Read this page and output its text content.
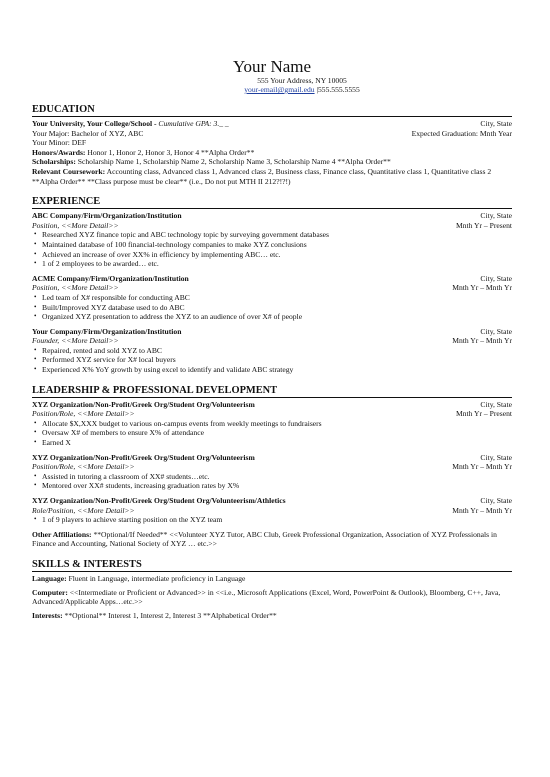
Your Name
555 Your Address, NY 10005
your-email@gmail.edu |555.555.5555
EDUCATION
Your University, Your College/School - Cumulative GPA: 3._ _	City, State
Your Major: Bachelor of XYZ, ABC	Expected Graduation: Mnth Year
Your Minor: DEF

Honors/Awards: Honor 1, Honor 2, Honor 3, Honor 4 **Alpha Order**

Scholarships: Scholarship Name 1, Scholarship Name 2, Scholarship Name 3, Scholarship Name 4 **Alpha Order**

Relevant Coursework: Accounting class, Advanced class 1, Advanced class 2, Business class, Finance class, Quantitative class 1, Quantitative class 2 **Alpha Order** **Class purpose must be clear** (i.e., Do not put MTH II 212?!?!)

EXPERIENCE
ABC Company/Firm/Organization/Institution	City, State
Position, <<More Detail>>	Mnth Yr – Present
• Researched XYZ finance topic and ABC technology topic by surveying government databases
• Maintained database of 100 financial-technology companies to make XYZ conclusions
• Achieved an increase of over XX% in efficiency by implementing ABC… etc.
• 1 of 2 employees to be awarded… etc.
ACME Company/Firm/Organization/Institution	City, State
Position, <<More Detail>>	Mnth Yr – Mnth Yr
• Led team of X# responsible for conducting ABC
• Built/Improved XYZ database used to do ABC
• Organized XYZ presentation to address the XYZ to an audience of over X# of people
Your Company/Firm/Organization/Institution	City, State
Founder, <<More Detail>>	Mnth Yr – Mnth Yr
• Repaired, rented and sold XYZ to ABC
• Performed XYZ service for X# local buyers
• Experienced X% YoY growth by using excel to identify and validate ABC strategy
LEADERSHIP & PROFESSIONAL DEVELOPMENT
XYZ Organization/Non-Profit/Greek Org/Student Org/Volunteerism	City, State
Position/Role, <<More Detail>>	Mnth Yr – Present
• Allocate $X,XXX budget to various on-campus events from weekly meetings to fundraisers
• Oversaw X# of members to ensure X% of attendance
• Earned X
XYZ Organization/Non-Profit/Greek Org/Student Org/Volunteerism	City, State
Position/Role, <<More Detail>>	Mnth Yr – Mnth Yr
• Assisted in tutoring a classroom of XX# students…etc.
• Mentored over XX# students, increasing graduation rates by X%
XYZ Organization/Non-Profit/Greek Org/Student Org/Volunteerism/Athletics	City, State
Role/Position, <<More Detail>>	Mnth Yr – Mnth Yr
• 1 of 9 players to achieve starting position on the XYZ team

Other Affiliations: **Optional/If Needed** <<Volunteer XYZ Tutor, ABC Club, Greek Professional Organization, Association of XYZ Professionals in Finance and Accounting, National Society of XYZ … etc.>>

SKILLS & INTERESTS

Language: Fluent in Language, intermediate proficiency in Language

Computer: <<Intermediate or Proficient or Advanced>> in <<i.e., Microsoft Applications (Excel, Word, PowerPoint & Outlook), Bloomberg, C++, Java, Advanced/Applicable Apps…etc.>>

Interests: **Optional** Interest 1, Interest 2, Interest 3 **Alphabetical Order**
